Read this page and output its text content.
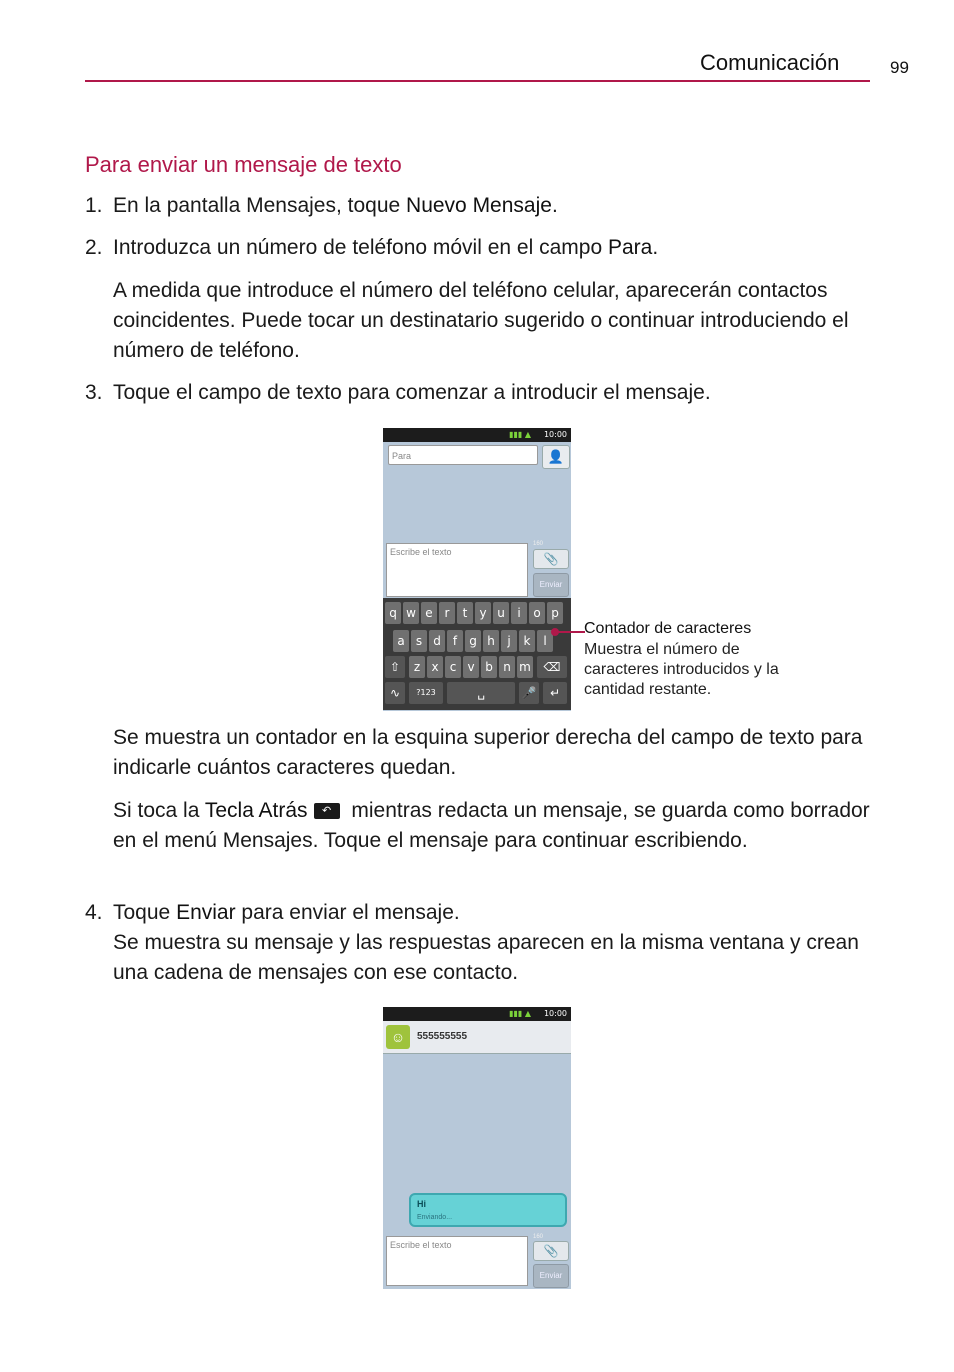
Comunicación	99
Para enviar un mensaje de texto
1. En la pantalla Mensajes, toque Nuevo Mensaje.
2. Introduzca un número de teléfono móvil en el campo Para.
A medida que introduce el número del teléfono celular, aparecerán contactos coincidentes. Puede tocar un destinatario sugerido o continuar introduciendo el número de teléfono.
3. Toque el campo de texto para comenzar a introducir el mensaje.
▮▮▮ ▲ 10:00
Para	👤
Escribe el texto
160
📎
Enviar
q w e r	t	y u	i	o p
a s d	f	g h	j	k	l
⇧	z x c v b n m	⌫
∿	?123	␣	🎤	↵
Contador de caracteres
Muestra el número de caracteres introducidos y la cantidad restante.
Se muestra un contador en la esquina superior derecha del campo de texto para indicarle cuántos caracteres quedan.
Si toca la Tecla Atrás ↶ mientras redacta un mensaje, se guarda como borrador en el menú Mensajes. Toque el mensaje para continuar escribiendo.
4. Toque Enviar para enviar el mensaje.
Se muestra su mensaje y las respuestas aparecen en la misma ventana y crean una cadena de mensajes con ese contacto.
▮▮▮ ▲ 10:00
☺	555555555
Hi
Enviando...
Escribe el texto
160
📎
Enviar
